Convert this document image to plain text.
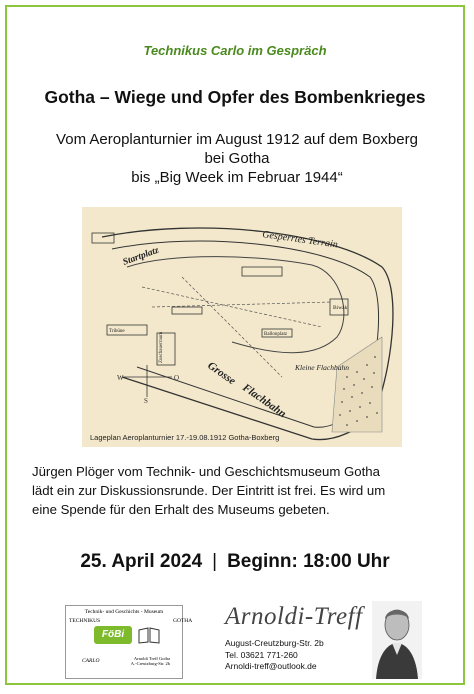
Technikus Carlo im Gespräch
Gotha – Wiege und Opfer des Bombenkrieges
Vom Aeroplanturnier im August 1912 auf dem Boxberg
bei Gotha
bis „Big Week im Februar 1944“
W	O
S
Gesperrtes Terrain
Startplatz
Grosse
Flachbahn
Kleine Flachbahn
Ballonplatz
Biwak
Tribüne
Zuschauerraum
Lageplan Aeroplanturnier 17.-19.08.1912 Gotha-Boxberg
Jürgen Plöger vom Technik- und Geschichtsmuseum Gotha
lädt ein zur Diskussionsrunde. Der Eintritt ist frei. Es wird um
eine Spende für den Erhalt des Museums gebeten.
25. April 2024 | Beginn: 18:00 Uhr
Technik- und Geschichts - Museum
TECHNIKUS	GOTHA
FöBi
CARLO	Arnoldi Treff Gotha
A.-Creutzburg-Str. 2b
Arnoldi-Treff
August-Creutzburg-Str. 2b
Tel. 03621 771-260
Arnoldi-treff@outlook.de
